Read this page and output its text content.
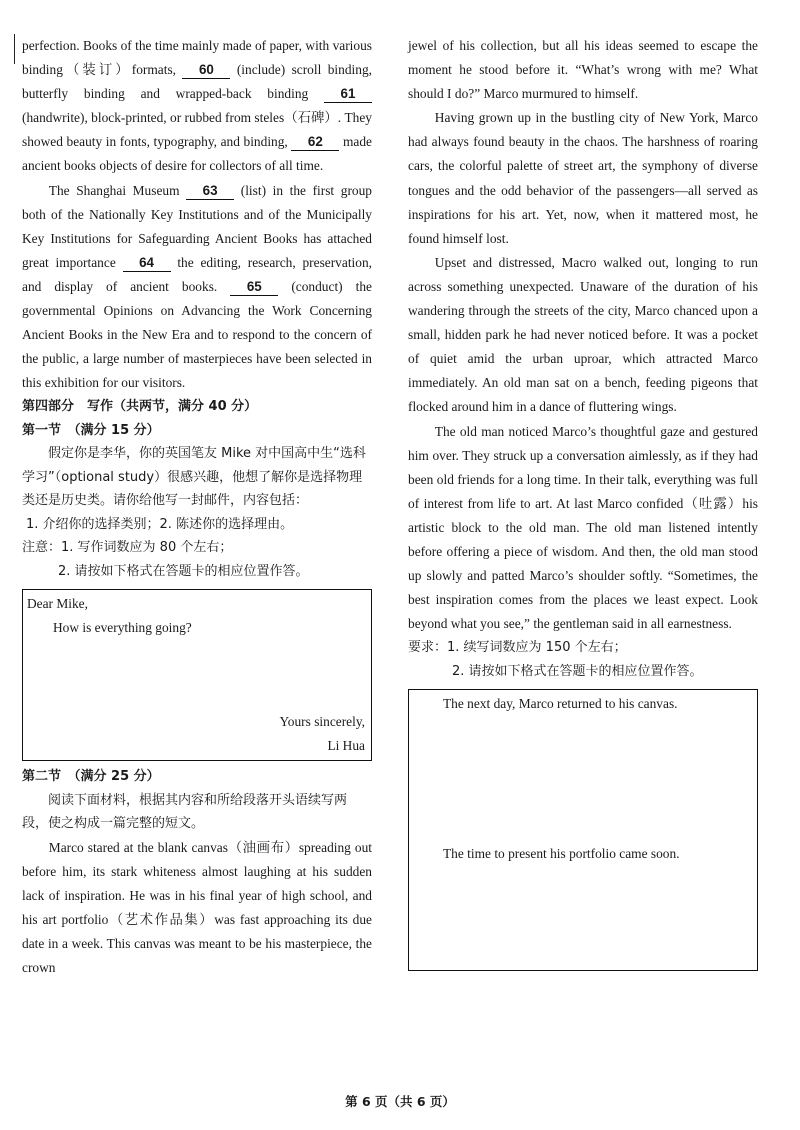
perfection. Books of the time mainly made of paper, with various binding（装订）formats, 60 (include) scroll binding, butterfly binding and wrapped-back binding 61 (handwrite), block-printed, or rubbed from steles（石碑）. They showed beauty in fonts, typography, and binding, 62 made ancient books objects of desire for collectors of all time.

The Shanghai Museum 63 (list) in the first group both of the Nationally Key Institutions and of the Municipally Key Institutions for Safeguarding Ancient Books has attached great importance 64 the editing, research, preservation, and display of ancient books. 65 (conduct) the governmental Opinions on Advancing the Work Concerning Ancient Books in the New Era and to respond to the concern of the public, a large number of masterpieces have been selected in this exhibition for our visitors.

第四部分　写作（共两节，满分 40 分）

第一节　（满分 15 分）

假定你是李华，你的英国笔友 Mike 对中国高中生“选科学习”（optional study）很感兴趣，他想了解你是选择物理类还是历史类。请你给他写一封邮件，内容包括：

1. 介绍你的选择类别；2. 陈述你的选择理由。

注意：1. 写作词数应为 80 个左右；

2. 请按如下格式在答题卡的相应位置作答。

Dear Mike,
How is everything going?
Yours sincerely,
Li Hua

第二节　（满分 25 分）

阅读下面材料，根据其内容和所给段落开头语续写两段，使之构成一篇完整的短文。

Marco stared at the blank canvas（油画布）spreading out before him, its stark whiteness almost laughing at his sudden lack of inspiration. He was in his final year of high school, and his art portfolio（艺术作品集）was fast approaching its due date in a week. This canvas was meant to be his masterpiece, the crown

jewel of his collection, but all his ideas seemed to escape the moment he stood before it. “What’s wrong with me? What should I do?” Marco murmured to himself.

Having grown up in the bustling city of New York, Marco had always found beauty in the chaos. The harshness of roaring cars, the colorful palette of street art, the symphony of diverse tongues and the odd behavior of the passengers—all served as inspirations for his art. Yet, now, when it mattered most, he found himself lost.

Upset and distressed, Macro walked out, longing to run across something unexpected. Unaware of the duration of his wandering through the streets of the city, Marco chanced upon a small, hidden park he had never noticed before. It was a pocket of quiet amid the urban uproar, which attracted Marco immediately. An old man sat on a bench, feeding pigeons that flocked around him in a dance of fluttering wings.

The old man noticed Marco’s thoughtful gaze and gestured him over. They struck up a conversation aimlessly, as if they had been old friends for a long time. In their talk, everything was full of interest from life to art. At last Marco confided（吐露）his artistic block to the old man. The old man listened intently before offering a piece of wisdom. And then, the old man stood up slowly and patted Marco’s shoulder softly. “Sometimes, the best inspiration comes from the places we least expect. Look beyond what you see,” the gentleman said in all earnestness.

要求：1. 续写词数应为 150 个左右；

2. 请按如下格式在答题卡的相应位置作答。

The next day, Marco returned to his canvas.
The time to present his portfolio came soon.
第 6 页（共 6 页）
